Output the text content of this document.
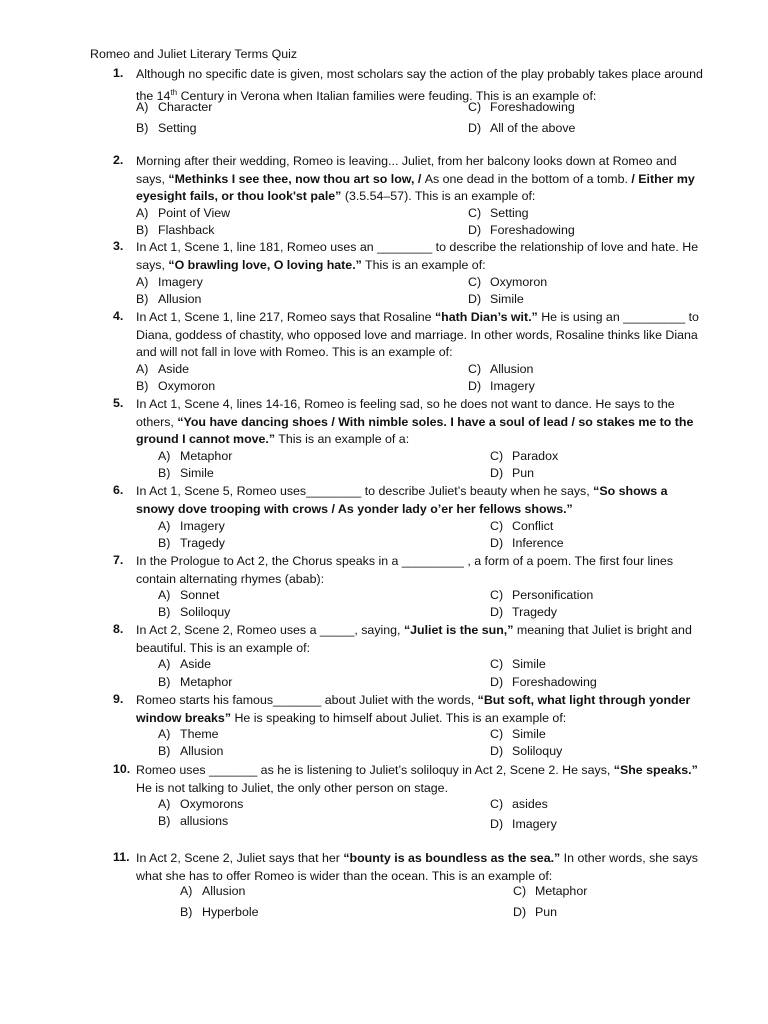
Romeo and Juliet Literary Terms Quiz
1. Although no specific date is given, most scholars say the action of the play probably takes place around the 14th Century in Verona when Italian families were feuding. This is an example of:
A) Character
B) Setting
C) Foreshadowing
D) All of the above
2. Morning after their wedding, Romeo is leaving... Juliet, from her balcony looks down at Romeo and says, “Methinks I see thee, now thou art so low, / As one dead in the bottom of a tomb. / Either my eyesight fails, or thou look'st pale” (3.5.54–57). This is an example of:
A) Point of View
B) Flashback
C) Setting
D) Foreshadowing
3. In Act 1, Scene 1, line 181, Romeo uses an ________ to describe the relationship of love and hate. He says, “O brawling love, O loving hate.” This is an example of:
A) Imagery
B) Allusion
C) Oxymoron
D) Simile
4. In Act 1, Scene 1, line 217, Romeo says that Rosaline “hath Dian’s wit.” He is using an _________ to Diana, goddess of chastity, who opposed love and marriage. In other words, Rosaline thinks like Diana and will not fall in love with Romeo. This is an example of:
A) Aside
B) Oxymoron
C) Allusion
D) Imagery
5. In Act 1, Scene 4, lines 14-16, Romeo is feeling sad, so he does not want to dance. He says to the others, “You have dancing shoes / With nimble soles. I have a soul of lead / so stakes me to the ground I cannot move.” This is an example of a:
A) Metaphor
B) Simile
C) Paradox
D) Pun
6. In Act 1, Scene 5, Romeo uses________ to describe Juliet’s beauty when he says, “So shows a snowy dove trooping with crows / As yonder lady o’er her fellows shows.”
A) Imagery
B) Tragedy
C) Conflict
D) Inference
7. In the Prologue to Act 2, the Chorus speaks in a _________ , a form of a poem. The first four lines contain alternating rhymes (abab):
A) Sonnet
B) Soliloquy
C) Personification
D) Tragedy
8. In Act 2, Scene 2, Romeo uses a _____, saying, “Juliet is the sun,” meaning that Juliet is bright and beautiful. This is an example of:
A) Aside
B) Metaphor
C) Simile
D) Foreshadowing
9. Romeo starts his famous_______ about Juliet with the words, “But soft, what light through yonder window breaks” He is speaking to himself about Juliet. This is an example of:
A) Theme
B) Allusion
C) Simile
D) Soliloquy
10. Romeo uses _______ as he is listening to Juliet’s soliloquy in Act 2, Scene 2. He says, “She speaks.” He is not talking to Juliet, the only other person on stage.
A) Oxymorons
B) allusions
C) asides
D) Imagery
11. In Act 2, Scene 2, Juliet says that her “bounty is as boundless as the sea.” In other words, she says what she has to offer Romeo is wider than the ocean. This is an example of:
A) Allusion
B) Hyperbole
C) Metaphor
D) Pun
